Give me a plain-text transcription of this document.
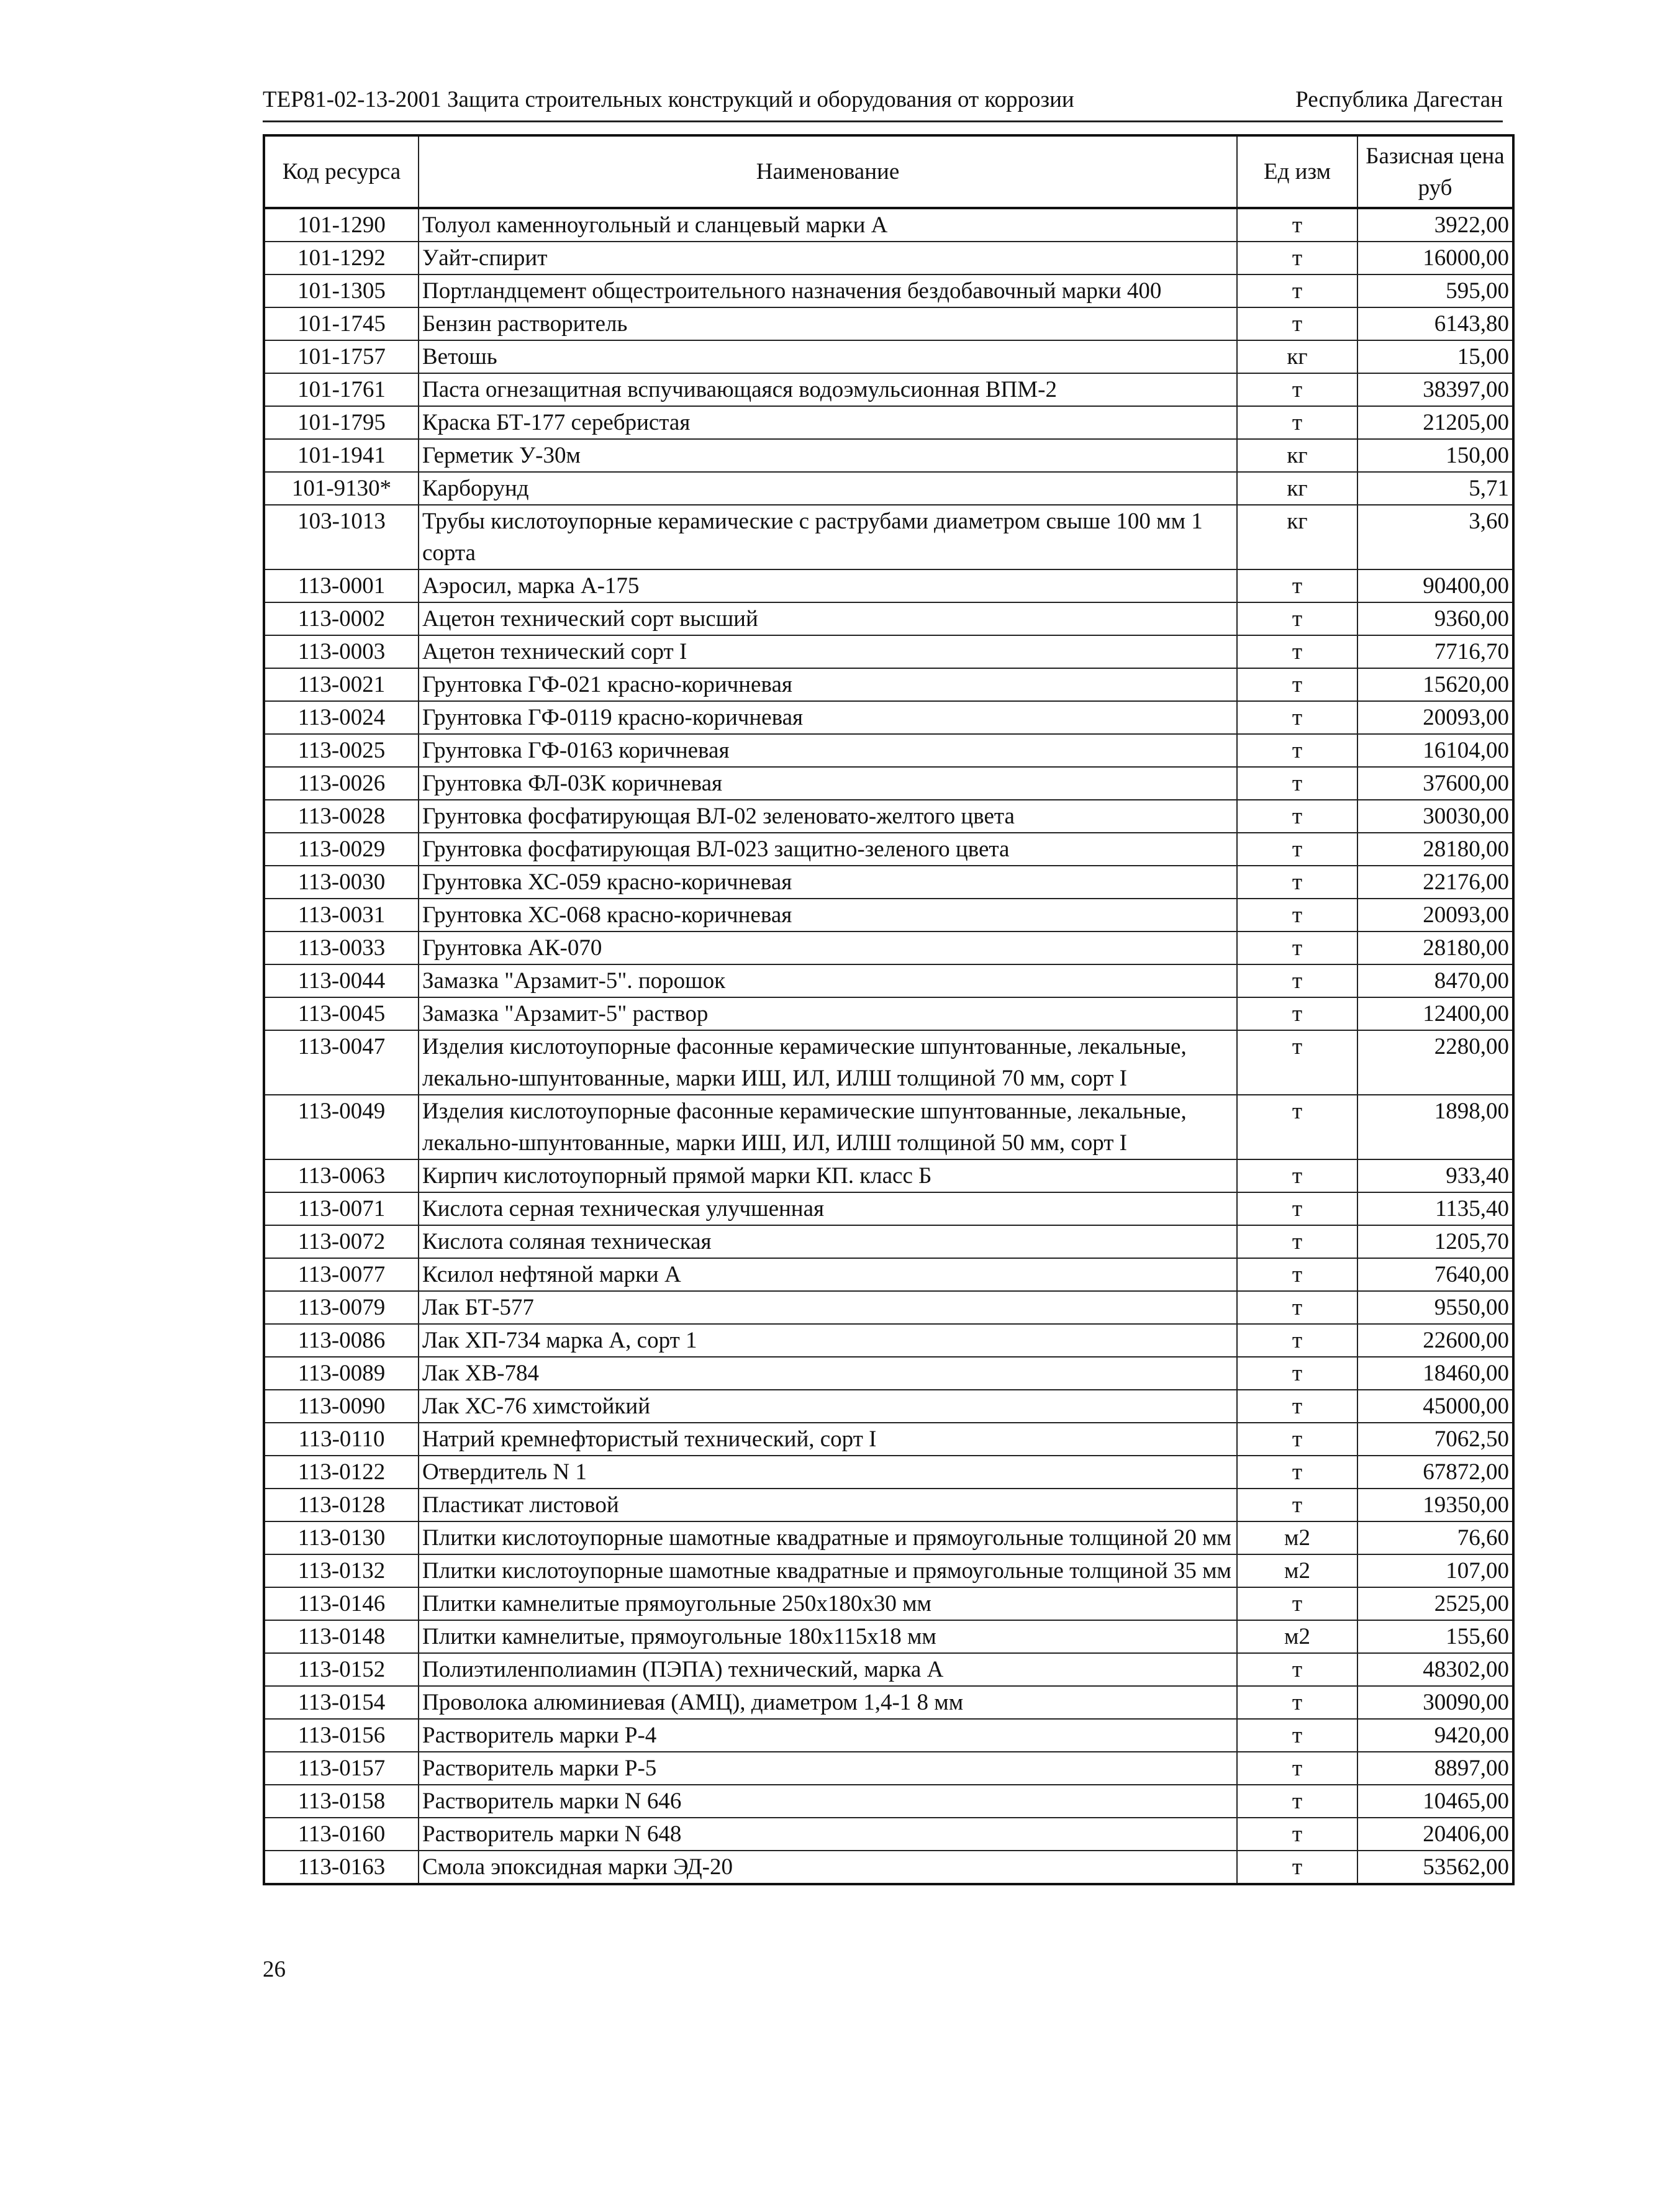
ТЕР81-02-13-2001 Защита строительных конструкций и оборудования от коррозии	Республика Дагестан
Код ресурса	Наименование	Ед изм	Базисная цена руб
101-1290	Толуол каменноугольный и сланцевый марки А	т	3922,00
101-1292	Уайт-спирит	т	16000,00
101-1305	Портландцемент общестроительного назначения бездобавочный марки 400	т	595,00
101-1745	Бензин растворитель	т	6143,80
101-1757	Ветошь	кг	15,00
101-1761	Паста огнезащитная вспучивающаяся водоэмульсионная ВПМ-2	т	38397,00
101-1795	Краска БТ-177 серебристая	т	21205,00
101-1941	Герметик У-30м	кг	150,00
101-9130*	Карборунд	кг	5,71
103-1013	Трубы кислотоупорные керамические с раструбами диаметром свыше 100 мм 1 сорта	кг	3,60
113-0001	Аэросил, марка А-175	т	90400,00
113-0002	Ацетон технический сорт высший	т	9360,00
113-0003	Ацетон технический сорт I	т	7716,70
113-0021	Грунтовка ГФ-021 красно-коричневая	т	15620,00
113-0024	Грунтовка ГФ-0119 красно-коричневая	т	20093,00
113-0025	Грунтовка ГФ-0163 коричневая	т	16104,00
113-0026	Грунтовка ФЛ-03К коричневая	т	37600,00
113-0028	Грунтовка фосфатирующая ВЛ-02 зеленовато-желтого цвета	т	30030,00
113-0029	Грунтовка фосфатирующая ВЛ-023 защитно-зеленого цвета	т	28180,00
113-0030	Грунтовка ХС-059 красно-коричневая	т	22176,00
113-0031	Грунтовка ХС-068 красно-коричневая	т	20093,00
113-0033	Грунтовка АК-070	т	28180,00
113-0044	Замазка "Арзамит-5". порошок	т	8470,00
113-0045	Замазка "Арзамит-5" раствор	т	12400,00
113-0047	Изделия кислотоупорные фасонные керамические шпунтованные, лекальные, лекально-шпунтованные, марки ИШ, ИЛ, ИЛШ толщиной 70 мм, сорт I	т	2280,00
113-0049	Изделия кислотоупорные фасонные керамические шпунтованные, лекальные, лекально-шпунтованные, марки ИШ, ИЛ, ИЛШ толщиной 50 мм, сорт I	т	1898,00
113-0063	Кирпич кислотоупорный прямой марки КП. класс Б	т	933,40
113-0071	Кислота серная техническая улучшенная	т	1135,40
113-0072	Кислота соляная техническая	т	1205,70
113-0077	Ксилол нефтяной марки А	т	7640,00
113-0079	Лак БТ-577	т	9550,00
113-0086	Лак ХП-734 марка А, сорт 1	т	22600,00
113-0089	Лак ХВ-784	т	18460,00
113-0090	Лак ХС-76 химстойкий	т	45000,00
113-0110	Натрий кремнефтористый технический, сорт I	т	7062,50
113-0122	Отвердитель N 1	т	67872,00
113-0128	Пластикат листовой	т	19350,00
113-0130	Плитки кислотоупорные шамотные квадратные и прямоугольные толщиной 20 мм	м2	76,60
113-0132	Плитки кислотоупорные шамотные квадратные и прямоугольные толщиной 35 мм	м2	107,00
113-0146	Плитки камнелитые прямоугольные 250х180х30 мм	т	2525,00
113-0148	Плитки камнелитые, прямоугольные 180х115х18 мм	м2	155,60
113-0152	Полиэтиленполиамин (ПЭПА) технический, марка А	т	48302,00
113-0154	Проволока алюминиевая (АМЦ), диаметром 1,4-1 8 мм	т	30090,00
113-0156	Растворитель марки Р-4	т	9420,00
113-0157	Растворитель марки Р-5	т	8897,00
113-0158	Растворитель марки N 646	т	10465,00
113-0160	Растворитель марки N 648	т	20406,00
113-0163	Смола эпоксидная марки ЭД-20	т	53562,00
26
